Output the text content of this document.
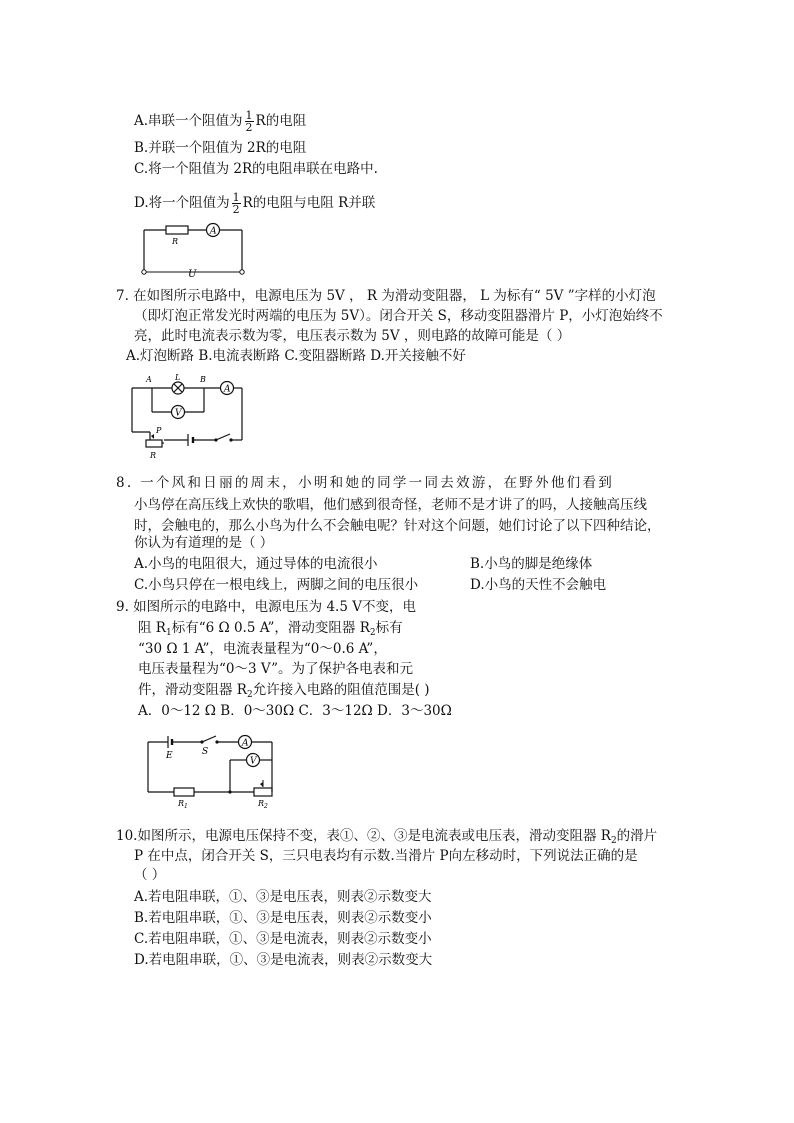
A.串联一个阻值为 $\frac{1}{2}$ R的电阻
B.并联一个阻值为 2R的电阻
C.将一个阻值为 2R的电阻串联在电路中.
D.将一个阻值为 $\frac{1}{2}$ R的电阻与电阻 R并联
R
A
U
7. 在如图所示电路中，电源电压为 5V ， R 为滑动变阻器， L 为标有“ 5V ”字样的小灯泡
（即灯泡正常发光时两端的电压为 5V）。闭合开关 S，移动变阻器滑片 P，小灯泡始终不
亮，此时电流表示数为零，电压表示数为 5V ，则电路的故障可能是（ ）
A.灯泡断路 B.电流表断路 C.变阻器断路 D.开关接触不好
A	L B
A
V
P
R
8. 一个风和日丽的周末，小明和她的同学一同去效游，在野外他们看到
小鸟停在高压线上欢快的歌唱，他们感到很奇怪，老师不是才讲了的吗，人接触高压线
时，会触电的，那么小鸟为什么不会触电呢？针对这个问题，她们讨论了以下四种结论，
你认为有道理的是（ ）
A.小鸟的电阻很大，通过导体的电流很小	B.小鸟的脚是绝缘体
C.小鸟只停在一根电线上，两脚之间的电压很小	D.小鸟的天性不会触电
9. 如图所示的电路中，电源电压为 4.5 V不变，电
阻 $R_1$标有“6 Ω 0.5 A”，滑动变阻器 $R_2$标有
“30 Ω 1 A”，电流表量程为“0～0.6 A”，
电压表量程为“0～3 V”。为了保护各电表和元
件，滑动变阻器 $R_2$允许接入电路的阻值范围是( )
A．0～12 Ω B．0～30Ω C．3～12Ω D．3～30Ω
E	S
A
V
$R_1$	$R_2$
10.如图所示，电源电压保持不变，表①、②、③是电流表或电压表，滑动变阻器 $R_2$的滑片
P 在中点，闭合开关 S，三只电表均有示数.当滑片 P向左移动时，下列说法正确的是
（ ）
A.若电阻串联，①、③是电压表，则表②示数变大
B.若电阻串联，①、③是电压表，则表②示数变小
C.若电阻串联，①、③是电流表，则表②示数变小
D.若电阻串联，①、③是电流表，则表②示数变大
